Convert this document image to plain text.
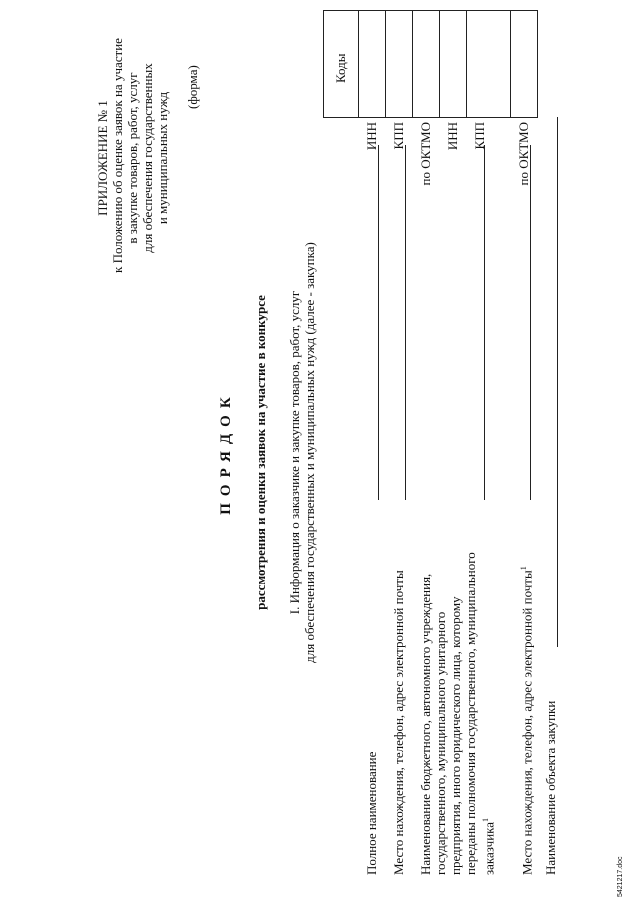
ПРИЛОЖЕНИЕ № 1 к Положению об оценке заявок на участие в закупке товаров, работ, услуг для обеспечения государственных и муниципальных нужд
(форма)
ПОРЯДОК рассмотрения и оценки заявок на участие в конкурсе I. Информация о заказчике и закупке товаров, работ, услуг для обеспечения государственных и муниципальных нужд (далее - закупка)
Коды
ИНН КПП по ОКТМО ИНН КПП по ОКТМО
Полное наименование Место нахождения, телефон, адрес электронной почты Наименование бюджетного, автономного учреждения, государственного, муниципального унитарного предприятия, иного юридического лица, которому переданы полномочия государственного, муниципального заказчика$^1$	Место нахождения, телефон, адрес электронной почты$^1$
Наименование объекта закупки
5421217.doc
